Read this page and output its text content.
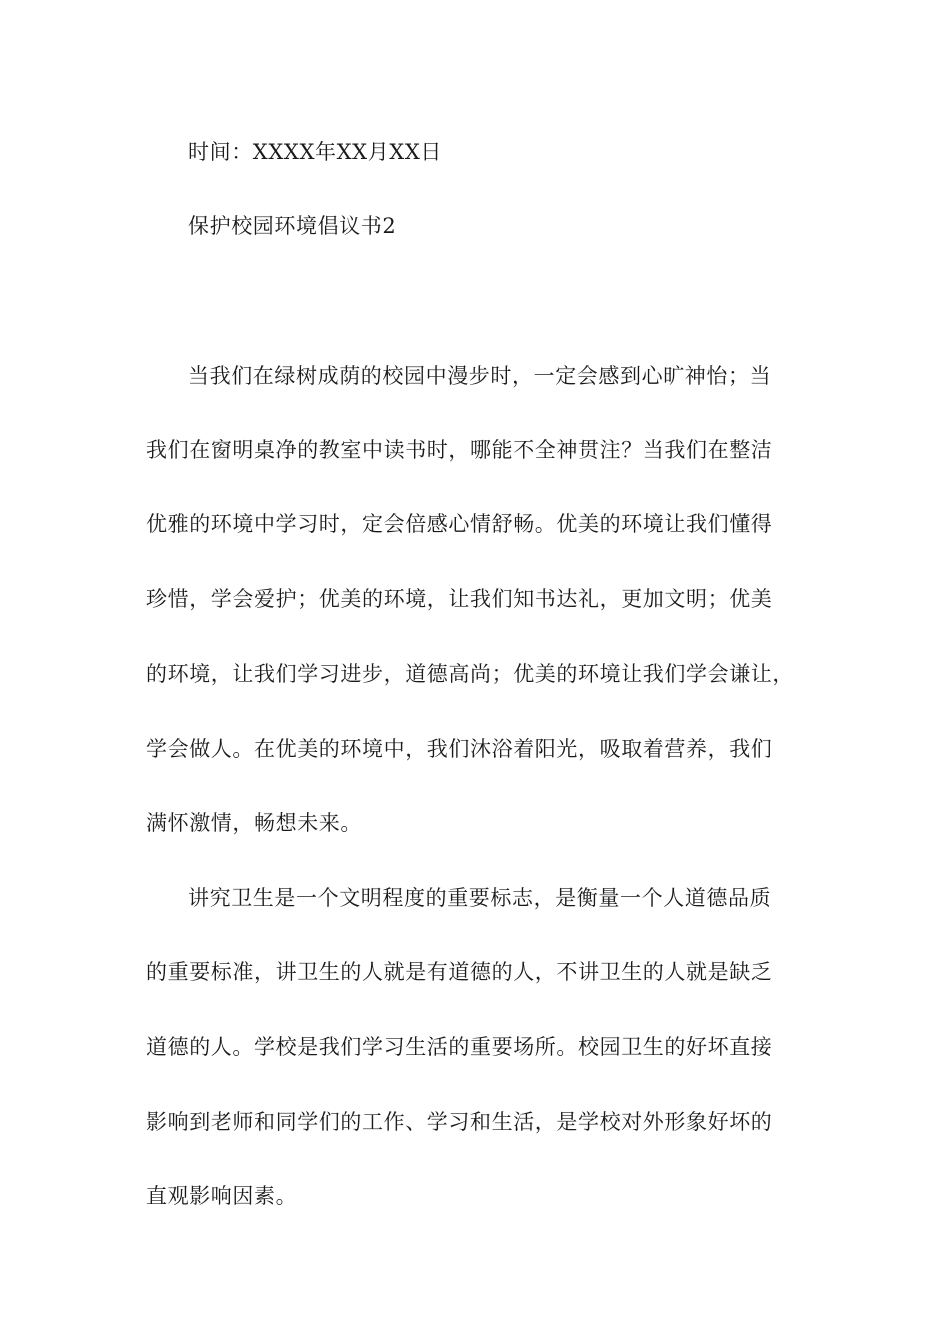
时间：XXXX年XX月XX日
保护校园环境倡议书2
当我们在绿树成荫的校园中漫步时，一定会感到心旷神怡；当
我们在窗明桌净的教室中读书时，哪能不全神贯注？当我们在整洁
优雅的环境中学习时，定会倍感心情舒畅。优美的环境让我们懂得
珍惜，学会爱护；优美的环境，让我们知书达礼，更加文明；优美
的环境，让我们学习进步，道德高尚；优美的环境让我们学会谦让，
学会做人。在优美的环境中，我们沐浴着阳光，吸取着营养，我们
满怀激情，畅想未来。
讲究卫生是一个文明程度的重要标志，是衡量一个人道德品质
的重要标准，讲卫生的人就是有道德的人，不讲卫生的人就是缺乏
道德的人。学校是我们学习生活的重要场所。校园卫生的好坏直接
影响到老师和同学们的工作、学习和生活，是学校对外形象好坏的
直观影响因素。
